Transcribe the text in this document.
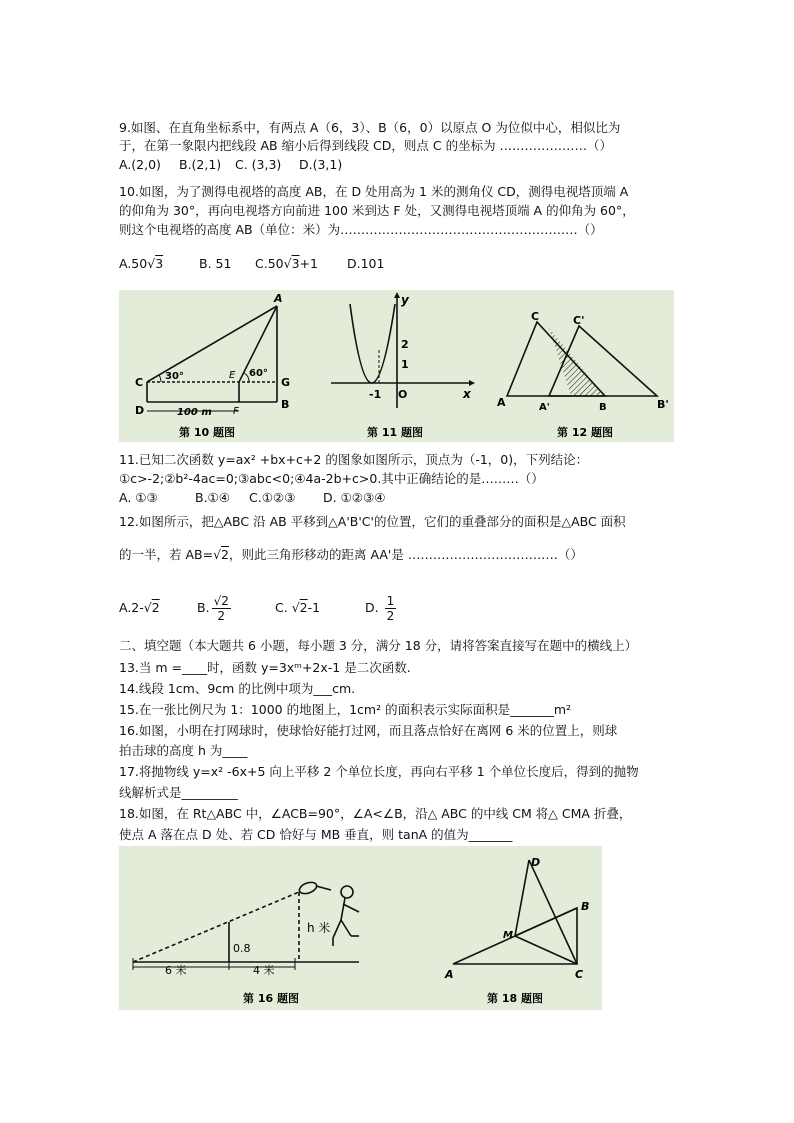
9.如图、在直角坐标系中，有两点 A（6，3）、B（6，0）以原点 O 为位似中心，相似比为
于，在第一象限内把线段 AB 缩小后得到线段 CD，则点 C 的坐标为 …………………（）
A.(2,0) B.(2,1) C. (3,3) D.(3,1)
10.如图，为了测得电视塔的高度 AB，在 D 处用高为 1 米的测角仪 CD，测得电视塔顶端 A
的仰角为 30°，再向电视塔方向前进 100 米到达 F 处，又测得电视塔顶端 A 的仰角为 60°，
则这个电视塔的高度 AB（单位：米）为…………………………………………………（）
A.50√3	B. 51 C.50√3+1 D.101
A
C
D	B
G
E
F
30°	60°
100 m
第 10 题图
y
x
O
-1
2
1
第 11 题图
C	C'
A	A'	B	B'
第 12 题图
11.已知二次函数 y=ax² +bx+c+2 的图象如图所示，顶点为（-1，0)，下列结论：
①c>-2;②b²-4ac=0;③abc<0;④4a-2b+c>0.其中正确结论的是………（）
A. ①③	B.①④ C.①②③ D. ①②③④
12.如图所示，把△ABC 沿 AB 平移到△A'B'C'的位置，它们的重叠部分的面积是△ABC 面积
的一半，若 AB=√2，则此三角形移动的距离 AA'是 ………………………………（）
A.2-√2	B. $\frac{√2}{2}$	C. √2-1	D. $\frac{1}{2}$
二、填空题（本大题共 6 小题，每小题 3 分，满分 18 分，请将答案直接写在题中的横线上）
13.当 m =____时，函数 y=3xᵐ+2x-1 是二次函数.
14.线段 1cm、9cm 的比例中项为___cm.
15.在一张比例尺为 1：1000 的地图上，1cm² 的面积表示实际面积是_______m²
16.如图，小明在打网球时，使球恰好能打过网，而且落点恰好在离网 6 米的位置上，则球
拍击球的高度 h 为____
17.将抛物线 y=x² -6x+5 向上平移 2 个单位长度，再向右平移 1 个单位长度后，得到的抛物
线解析式是_________
18.如图，在 Rt△ABC 中，∠ACB=90°，∠A<∠B，沿△ ABC 的中线 CM 将△ CMA 折叠，
使点 A 落在点 D 处、若 CD 恰好与 MB 垂直，则 tanA 的值为_______
h 米
0.8
6 米	4 米
第 16 题图
D
B
M
A	C
第 18 题图
